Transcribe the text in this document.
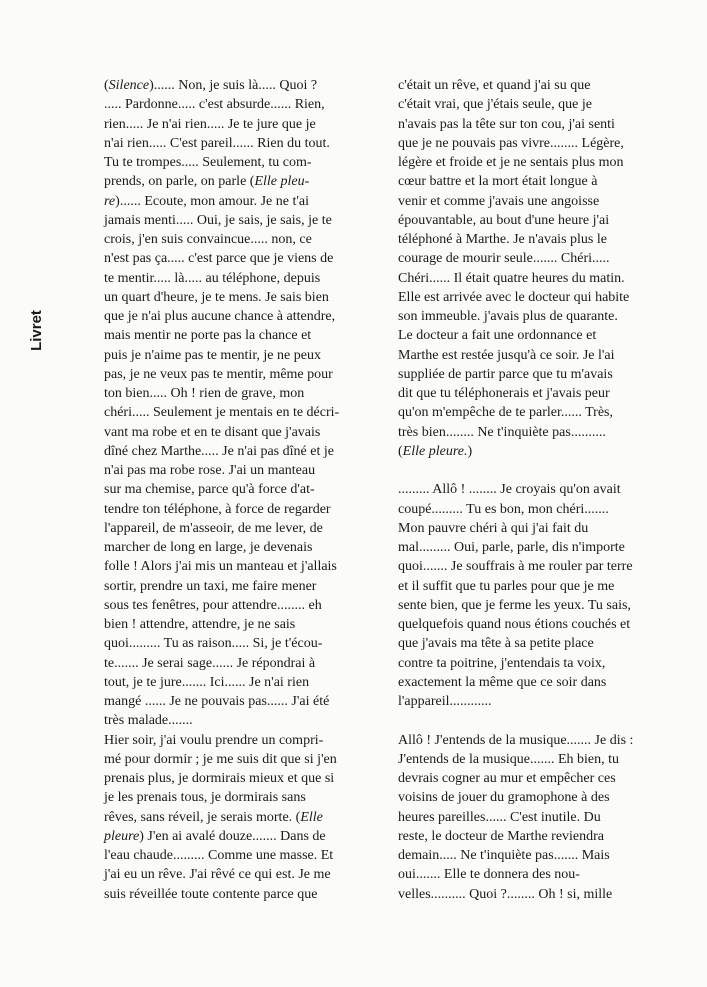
Livret
(Silence)...... Non, je suis là..... Quoi ?
..... Pardonne..... c'est absurde...... Rien,
rien..... Je n'ai rien..... Je te jure que je
n'ai rien..... C'est pareil...... Rien du tout.
Tu te trompes..... Seulement, tu com-
prends, on parle, on parle (Elle pleu-
re)...... Ecoute, mon amour. Je ne t'ai
jamais menti..... Oui, je sais, je sais, je te
crois, j'en suis convaincue..... non, ce
n'est pas ça..... c'est parce que je viens de
te mentir..... là..... au téléphone, depuis
un quart d'heure, je te mens. Je sais bien
que je n'ai plus aucune chance à attendre,
mais mentir ne porte pas la chance et
puis je n'aime pas te mentir, je ne peux
pas, je ne veux pas te mentir, même pour
ton bien..... Oh ! rien de grave, mon
chéri..... Seulement je mentais en te décri-
vant ma robe et en te disant que j'avais
dîné chez Marthe..... Je n'ai pas dîné et je
n'ai pas ma robe rose. J'ai un manteau
sur ma chemise, parce qu'à force d'at-
tendre ton téléphone, à force de regarder
l'appareil, de m'asseoir, de me lever, de
marcher de long en large, je devenais
folle ! Alors j'ai mis un manteau et j'allais
sortir, prendre un taxi, me faire mener
sous tes fenêtres, pour attendre........ eh
bien ! attendre, attendre, je ne sais
quoi......... Tu as raison..... Si, je t'écou-
te....... Je serai sage...... Je répondrai à
tout, je te jure....... Ici...... Je n'ai rien
mangé ...... Je ne pouvais pas...... J'ai été
très malade.......
Hier soir, j'ai voulu prendre un compri-
mé pour dormir ; je me suis dit que si j'en
prenais plus, je dormirais mieux et que si
je les prenais tous, je dormirais sans
rêves, sans réveil, je serais morte. (Elle
pleure) J'en ai avalé douze....... Dans de
l'eau chaude......... Comme une masse. Et
j'ai eu un rêve. J'ai rêvé ce qui est. Je me
suis réveillée toute contente parce que
c'était un rêve, et quand j'ai su que
c'était vrai, que j'étais seule, que je
n'avais pas la tête sur ton cou, j'ai senti
que je ne pouvais pas vivre........ Légère,
légère et froide et je ne sentais plus mon
cœur battre et la mort était longue à
venir et comme j'avais une angoisse
épouvantable, au bout d'une heure j'ai
téléphoné à Marthe. Je n'avais plus le
courage de mourir seule....... Chéri.....
Chéri...... Il était quatre heures du matin.
Elle est arrivée avec le docteur qui habite
son immeuble. j'avais plus de quarante.
Le docteur a fait une ordonnance et
Marthe est restée jusqu'à ce soir. Je l'ai
suppliée de partir parce que tu m'avais
dit que tu téléphonerais et j'avais peur
qu'on m'empêche de te parler...... Très,
très bien........ Ne t'inquiète pas..........
(Elle pleure.)
......... Allô ! ........ Je croyais qu'on avait
coupé......... Tu es bon, mon chéri.......
Mon pauvre chéri à qui j'ai fait du
mal......... Oui, parle, parle, dis n'importe
quoi....... Je souffrais à me rouler par terre
et il suffit que tu parles pour que je me
sente bien, que je ferme les yeux. Tu sais,
quelquefois quand nous étions couchés et
que j'avais ma tête à sa petite place
contre ta poitrine, j'entendais ta voix,
exactement la même que ce soir dans
l'appareil............
Allô ! J'entends de la musique....... Je dis :
J'entends de la musique....... Eh bien, tu
devrais cogner au mur et empêcher ces
voisins de jouer du gramophone à des
heures pareilles...... C'est inutile. Du
reste, le docteur de Marthe reviendra
demain..... Ne t'inquiète pas....... Mais
oui....... Elle te donnera des nou-
velles.......... Quoi ?........ Oh ! si, mille
